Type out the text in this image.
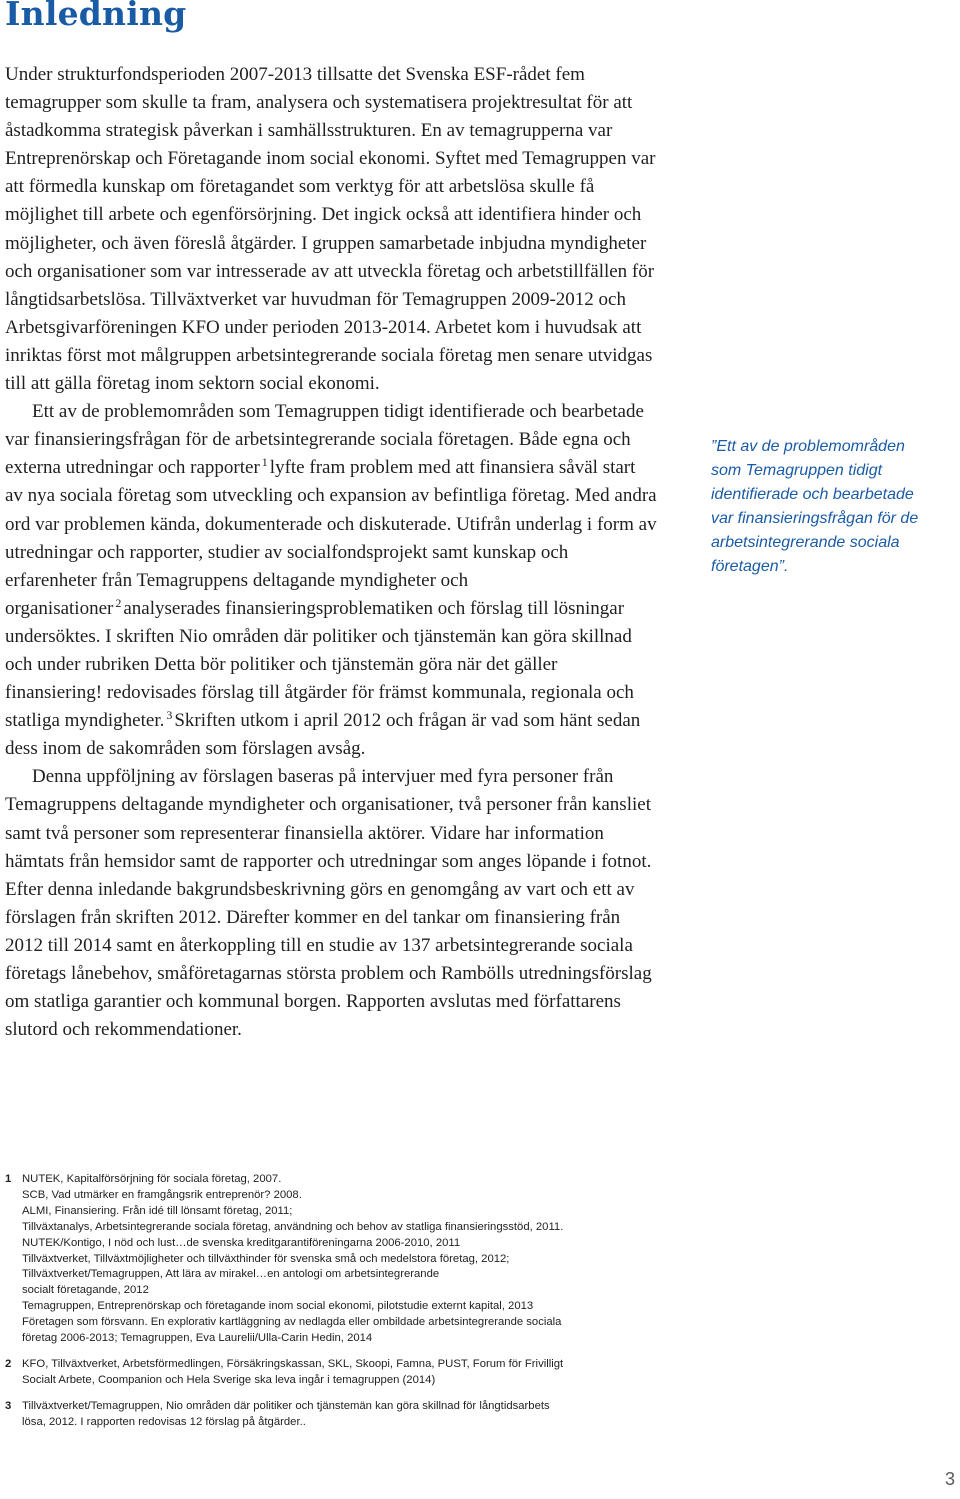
Inledning

Under strukturfondsperioden 2007-2013 tillsatte det Svenska ESF-rådet fem temagrupper som skulle ta fram, analysera och systematisera projektresultat för att åstadkomma strategisk påverkan i samhällsstrukturen. En av temagrupperna var Entreprenörskap och Företagande inom social ekonomi. Syftet med Temagruppen var att förmedla kunskap om företagandet som verktyg för att arbetslösa skulle få möjlighet till arbete och egenförsörjning. Det ingick också att identifiera hinder och möjligheter, och även föreslå åtgärder. I gruppen samarbetade inbjudna myndigheter och organisationer som var intresserade av att utveckla företag och arbetstillfällen för långtidsarbetslösa. Tillväxtverket var huvudman för Temagruppen 2009-2012 och Arbetsgivarföreningen KFO under perioden 2013-2014. Arbetet kom i huvudsak att inriktas först mot målgruppen arbetsintegrerande sociala företag men senare utvidgas till att gälla företag inom sektorn social ekonomi.

Ett av de problemområden som Temagruppen tidigt identifierade och bearbetade var finansieringsfrågan för de arbetsintegrerande sociala företagen. Både egna och externa utredningar och rapporter $^1$ lyfte fram problem med att finansiera såväl start av nya sociala företag som utveckling och expansion av befintliga företag. Med andra ord var problemen kända, dokumenterade och diskuterade. Utifrån underlag i form av utredningar och rapporter, studier av socialfondsprojekt samt kunskap och erfarenheter från Temagruppens deltagande myndigheter och organisationer $^2$ analyserades finansieringsproblematiken och förslag till lösningar undersöktes. I skriften Nio områden där politiker och tjänstemän kan göra skillnad och under rubriken Detta bör politiker och tjänstemän göra när det gäller finansiering! redovisades förslag till åtgärder för främst kommunala, regionala och statliga myndigheter. $^3$ Skriften utkom i april 2012 och frågan är vad som hänt sedan dess inom de sakområden som förslagen avsåg.

Denna uppföljning av förslagen baseras på intervjuer med fyra personer från Temagruppens deltagande myndigheter och organisationer, två personer från kansliet samt två personer som representerar finansiella aktörer. Vidare har information hämtats från hemsidor samt de rapporter och utredningar som anges löpande i fotnot. Efter denna inledande bakgrundsbeskrivning görs en genomgång av vart och ett av förslagen från skriften 2012. Därefter kommer en del tankar om finansiering från 2012 till 2014 samt en återkoppling till en studie av 137 arbetsintegrerande sociala företags lånebehov, småföretagarnas största problem och Rambölls utredningsförslag om statliga garantier och kommunal borgen. Rapporten avslutas med författarens slutord och rekommendationer.

”Ett av de problemområden som Temagruppen tidigt identifierade och bearbetade var finansieringsfrågan för de arbetsintegrerande sociala företagen”.

1 NUTEK, Kapitalförsörjning för sociala företag, 2007.
SCB, Vad utmärker en framgångsrik entreprenör? 2008.
ALMI, Finansiering. Från idé till lönsamt företag, 2011;
Tillväxtanalys, Arbetsintegrerande sociala företag, användning och behov av statliga finansieringsstöd, 2011.
NUTEK/Kontigo, I nöd och lust…de svenska kreditgarantiföreningarna 2006-2010, 2011
Tillväxtverket, Tillväxtmöjligheter och tillväxthinder för svenska små och medelstora företag, 2012;
Tillväxtverket/Temagruppen, Att lära av mirakel…en antologi om arbetsintegrerande
socialt företagande, 2012
Temagruppen, Entreprenörskap och företagande inom social ekonomi, pilotstudie externt kapital, 2013
Företagen som försvann. En explorativ kartläggning av nedlagda eller ombildade arbetsintegrerande sociala
företag 2006-2013; Temagruppen, Eva Laurelii/Ulla-Carin Hedin, 2014
2 KFO, Tillväxtverket, Arbetsförmedlingen, Försäkringskassan, SKL, Skoopi, Famna, PUST, Forum för Frivilligt
Socialt Arbete, Coompanion och Hela Sverige ska leva ingår i temagruppen (2014)
3 Tillväxtverket/Temagruppen, Nio områden där politiker och tjänstemän kan göra skillnad för långtidsarbets
lösa, 2012. I rapporten redovisas 12 förslag på åtgärder..
3
